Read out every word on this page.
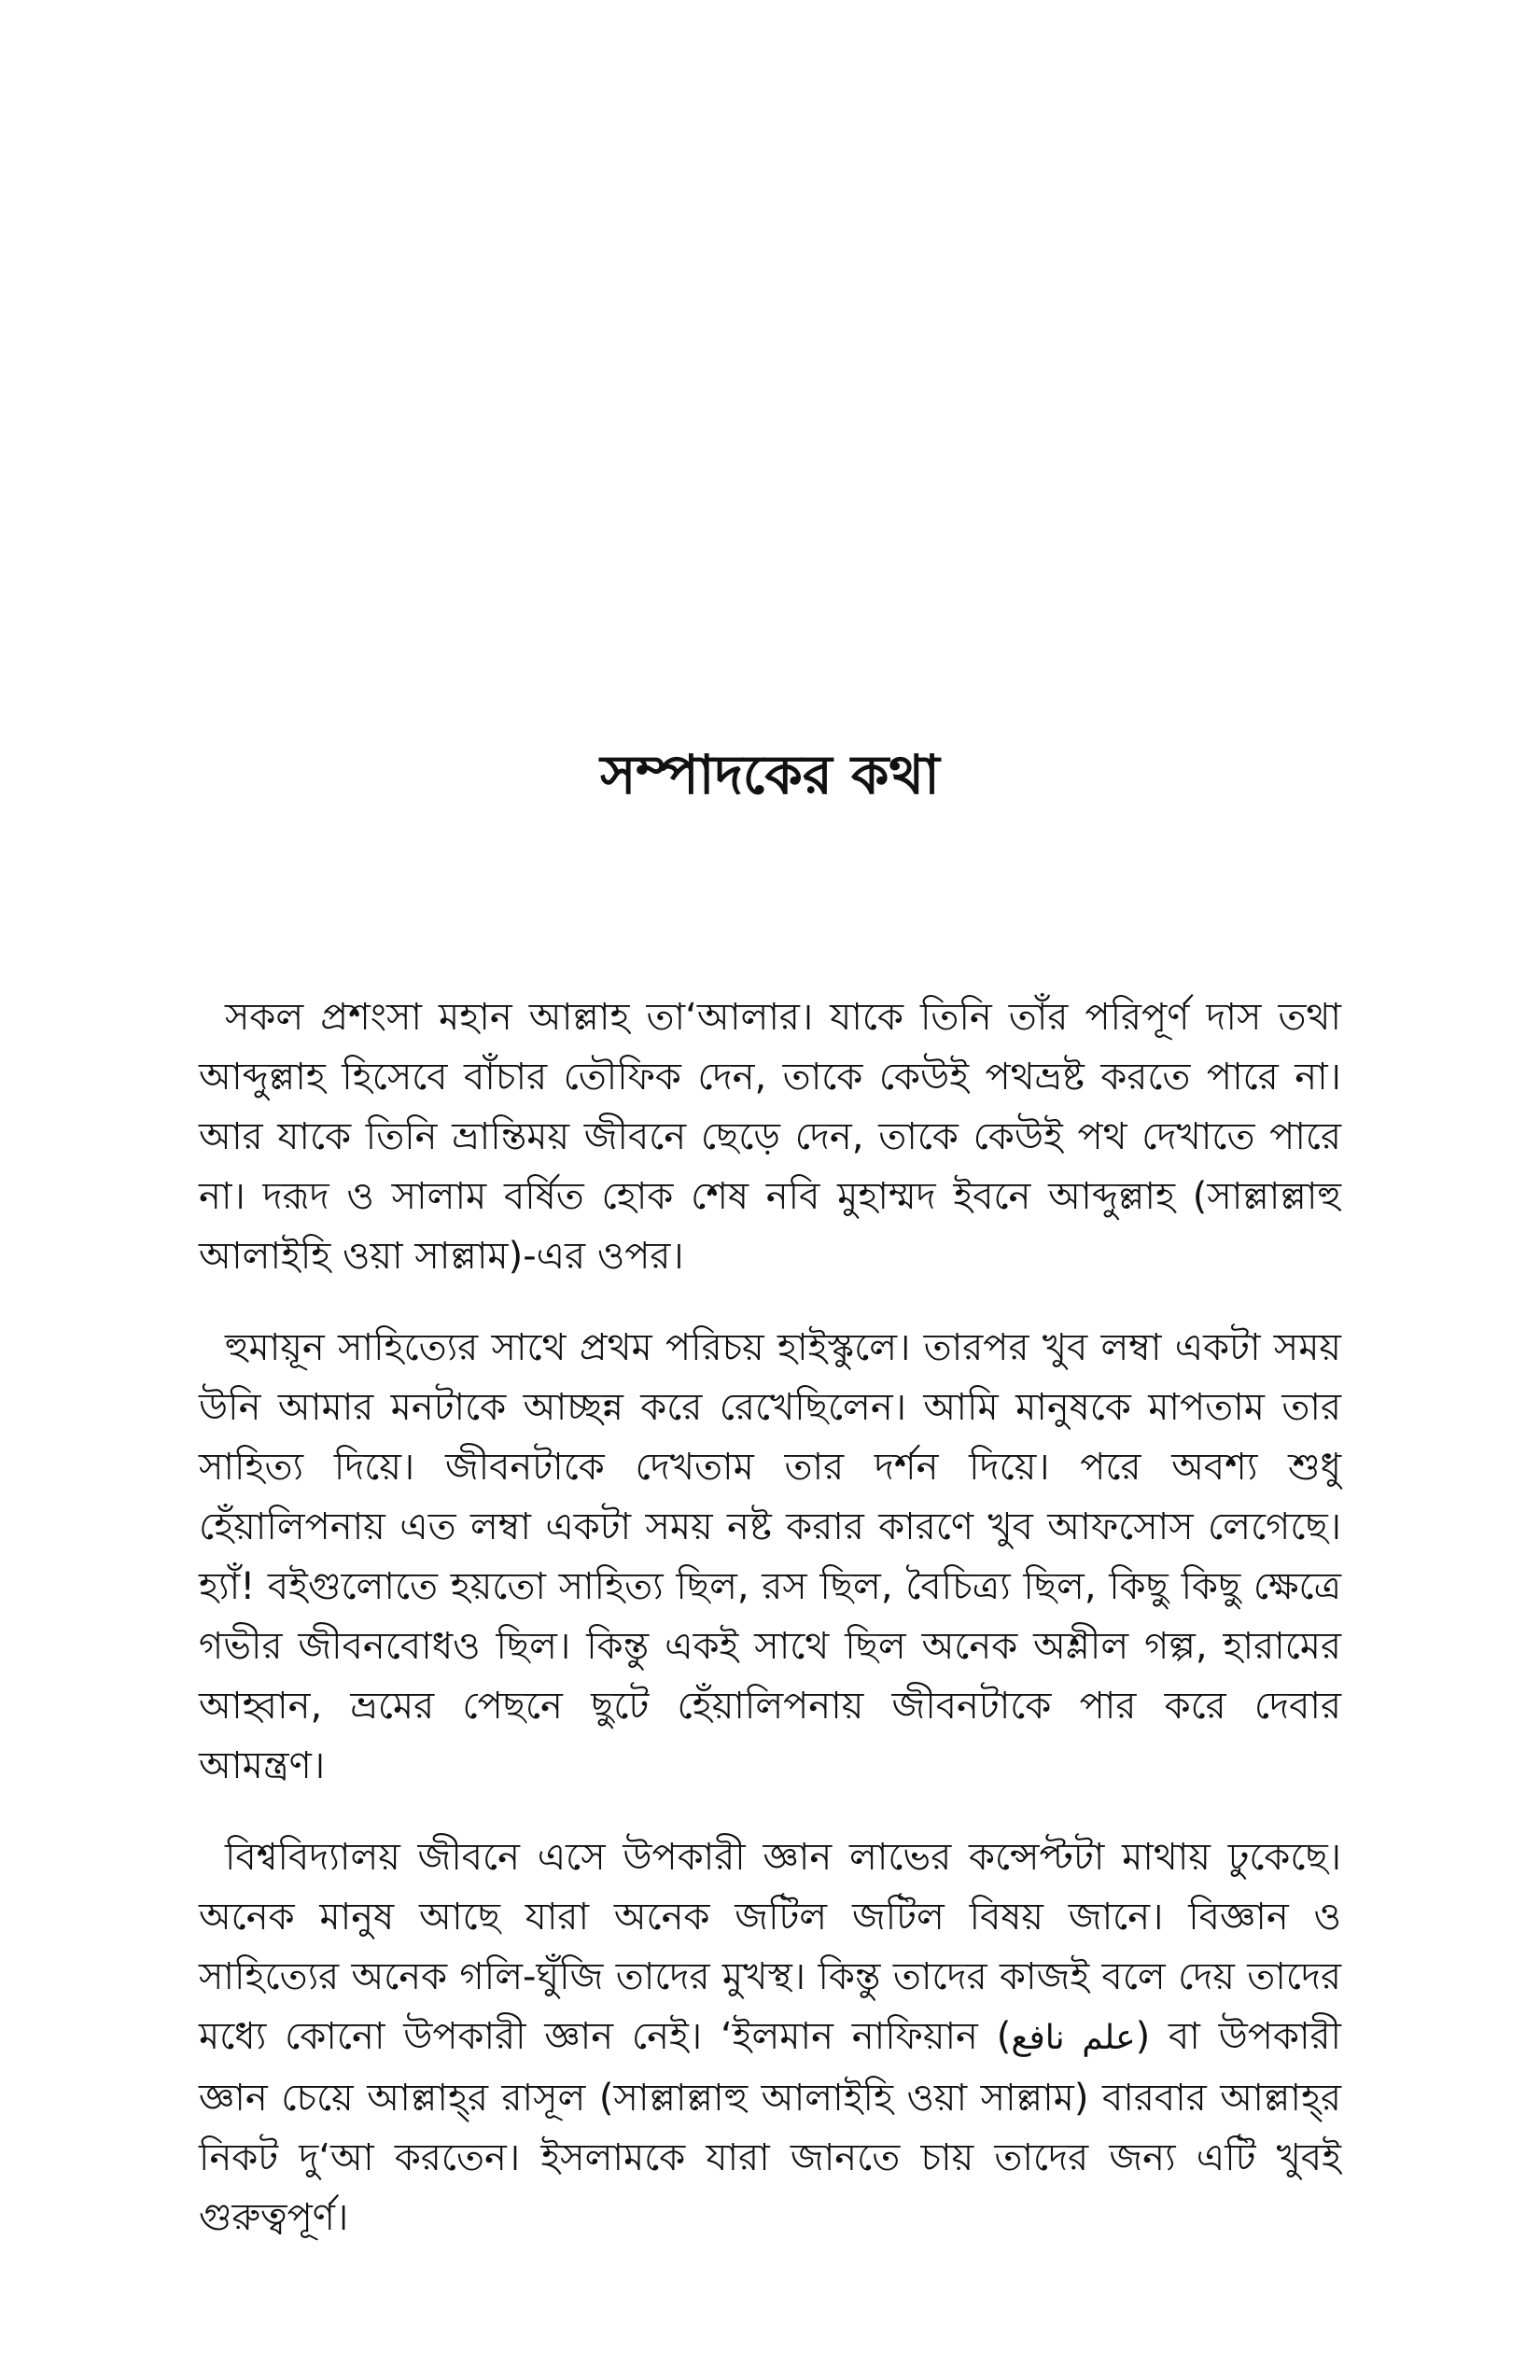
সম্পাদকের কথা

সকল প্রশংসা মহান আল্লাহ তা‘আলার। যাকে তিনি তাঁর পরিপূর্ণ দাস তথা আব্দুল্লাহ হিসেবে বাঁচার তৌফিক দেন, তাকে কেউই পথভ্রষ্ট করতে পারে না। আর যাকে তিনি ভ্রান্তিময় জীবনে ছেড়ে দেন, তাকে কেউই পথ দেখাতে পারে না। দরূদ ও সালাম বর্ষিত হোক শেষ নবি মুহাম্মদ ইবনে আব্দুল্লাহ (সাল্লাল্লাহু আলাইহি ওয়া সাল্লাম)-এর ওপর।

হুমায়ূন সাহিত্যের সাথে প্রথম পরিচয় হাইস্কুলে। তারপর খুব লম্বা একটা সময় উনি আমার মনটাকে আচ্ছন্ন করে রেখেছিলেন। আমি মানুষকে মাপতাম তার সাহিত্য দিয়ে। জীবনটাকে দেখতাম তার দর্শন দিয়ে। পরে অবশ্য শুধু হেঁয়ালিপনায় এত লম্বা একটা সময় নষ্ট করার কারণে খুব আফসোস লেগেছে। হ্যাঁ! বইগুলোতে হয়তো সাহিত্য ছিল, রস ছিল, বৈচিত্র্য ছিল, কিছু কিছু ক্ষেত্রে গভীর জীবনবোধও ছিল। কিন্তু একই সাথে ছিল অনেক অশ্লীল গল্প, হারামের আহ্বান, ভ্রমের পেছনে ছুটে হেঁয়ালিপনায় জীবনটাকে পার করে দেবার আমন্ত্রণ।

বিশ্ববিদ্যালয় জীবনে এসে উপকারী জ্ঞান লাভের কন্সেপ্টটা মাথায় ঢুকেছে। অনেক মানুষ আছে যারা অনেক জটিল জটিল বিষয় জানে। বিজ্ঞান ও সাহিত্যের অনেক গলি-ঘুঁজি তাদের মুখস্থ। কিন্তু তাদের কাজই বলে দেয় তাদের মধ্যে কোনো উপকারী জ্ঞান নেই। ‘ইলমান নাফিয়ান (علم نافع) বা উপকারী জ্ঞান চেয়ে আল্লাহ্‌র রাসূল (সাল্লাল্লাহু আলাইহি ওয়া সাল্লাম) বারবার আল্লাহ্‌র নিকট দু‘আ করতেন। ইসলামকে যারা জানতে চায় তাদের জন্য এটি খুবই গুরুত্বপূর্ণ।
